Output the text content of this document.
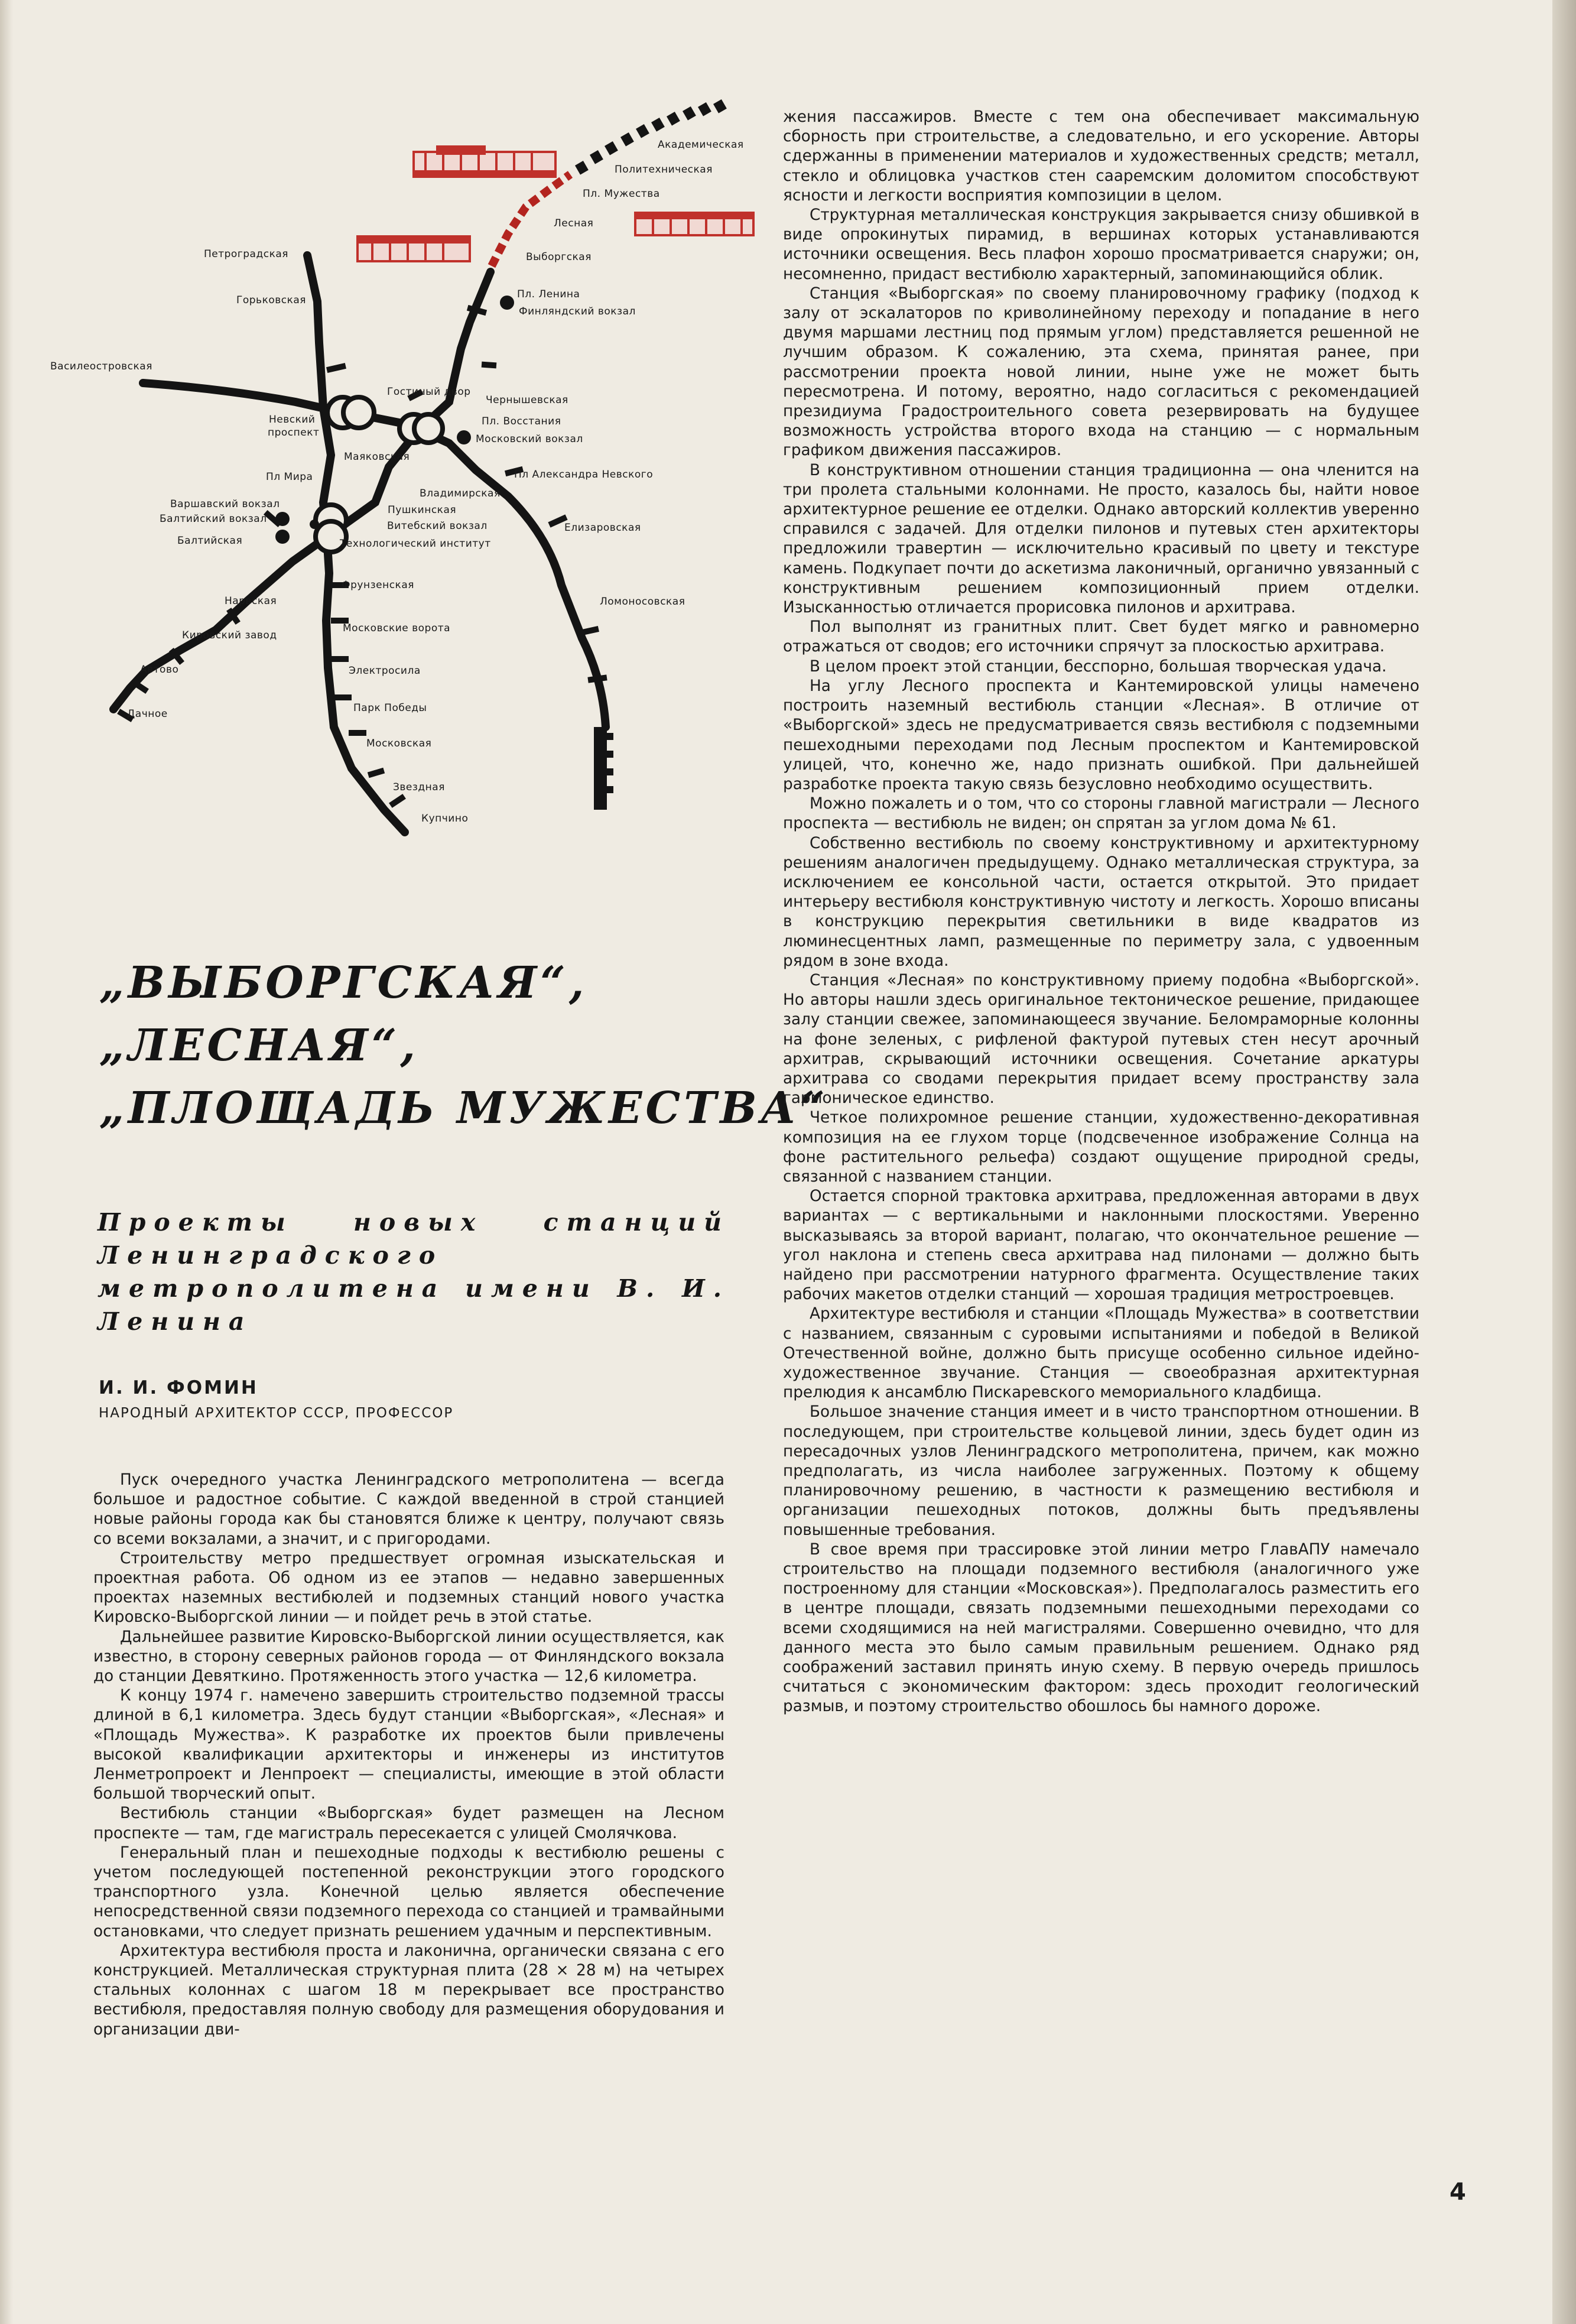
Академическая
Политехническая
Пл. Мужества
Лесная
Выборгская
Пл. Ленина
Финляндский вокзал
Петроградская
Горьковская
Василеостровская
Гостиный двор
Чернышевская
Невский
проспект
Пл. Восстания
Московский вокзал
Маяковская
Пл Мира	Пл Александра Невского
Варшавский вокзал
Балтийский вокзал
Владимирская
Пушкинская
Витебский вокзал
Технологический институт
Балтийская
Елизаровская
Фрунзенская
Нарвская	Ломоносовская
Кировский завод
Московские ворота
Автово	Электросила
Дачное	Парк Победы
Московская
Звездная
Купчино
„ВЫБОРГСКАЯ“,
„ЛЕСНАЯ“,
„ПЛОЩАДЬ МУЖЕСТВА“
Проекты новых станций Ленинградского метрополитена имени В. И. Ленина
И. И. ФОМИН
НАРОДНЫЙ АРХИТЕКТОР СССР, ПРОФЕССОР

Пуск очередного участка Ленинградского метрополитена — всегда большое и радостное событие. С каждой введенной в строй станцией новые районы города как бы становятся ближе к центру, получают связь со всеми вокзалами, а значит, и с пригородами.

Строительству метро предшествует огромная изыскательская и проектная работа. Об одном из ее этапов — недавно завершенных проектах наземных вестибюлей и подземных станций нового участка Кировско-Выборгской линии — и пойдет речь в этой статье.

Дальнейшее развитие Кировско-Выборгской линии осуществляется, как известно, в сторону северных районов города — от Финляндского вокзала до станции Девяткино. Протяженность этого участка — 12,6 километра.

К концу 1974 г. намечено завершить строительство подземной трассы длиной в 6,1 километра. Здесь будут станции «Выборгская», «Лесная» и «Площадь Мужества». К разработке их проектов были привлечены высокой квалификации архитекторы и инженеры из институтов Ленметропроект и Ленпроект — специалисты, имеющие в этой области большой творческий опыт.

Вестибюль станции «Выборгская» будет размещен на Лесном проспекте — там, где магистраль пересекается с улицей Смолячкова.

Генеральный план и пешеходные подходы к вестибюлю решены с учетом последующей постепенной реконструкции этого городского транспортного узла. Конечной целью является обеспечение непосредственной связи подземного перехода со станцией и трамвайными остановками, что следует признать решением удачным и перспективным.

Архитектура вестибюля проста и лаконична, органически связана с его конструкцией. Металлическая структурная плита (28 × 28 м) на четырех стальных колоннах с шагом 18 м перекрывает все пространство вестибюля, предоставляя полную свободу для размещения оборудования и организации дви-

жения пассажиров. Вместе с тем она обеспечивает максимальную сборность при строительстве, а следовательно, и его ускорение. Авторы сдержанны в применении материалов и художественных средств; металл, стекло и облицовка участков стен сааремским доломитом способствуют ясности и легкости восприятия композиции в целом.

Структурная металлическая конструкция закрывается снизу обшивкой в виде опрокинутых пирамид, в вершинах которых устанавливаются источники освещения. Весь плафон хорошо просматривается снаружи; он, несомненно, придаст вестибюлю характерный, запоминающийся облик.

Станция «Выборгская» по своему планировочному графику (подход к залу от эскалаторов по криволинейному переходу и попадание в него двумя маршами лестниц под прямым углом) представляется решенной не лучшим образом. К сожалению, эта схема, принятая ранее, при рассмотрении проекта новой линии, ныне уже не может быть пересмотрена. И потому, вероятно, надо согласиться с рекомендацией президиума Градостроительного совета резервировать на будущее возможность устройства второго входа на станцию — с нормальным графиком движения пассажиров.

В конструктивном отношении станция традиционна — она членится на три пролета стальными колоннами. Не просто, казалось бы, найти новое архитектурное решение ее отделки. Однако авторский коллектив уверенно справился с задачей. Для отделки пилонов и путевых стен архитекторы предложили травертин — исключительно красивый по цвету и текстуре камень. Подкупает почти до аскетизма лаконичный, органично увязанный с конструктивным решением композиционный прием отделки. Изысканностью отличается прорисовка пилонов и архитрава.

Пол выполнят из гранитных плит. Свет будет мягко и равномерно отражаться от сводов; его источники спрячут за плоскостью архитрава.

В целом проект этой станции, бесспорно, большая творческая удача.

На углу Лесного проспекта и Кантемировской улицы намечено построить наземный вестибюль станции «Лесная». В отличие от «Выборгской» здесь не предусматривается связь вестибюля с подземными пешеходными переходами под Лесным проспектом и Кантемировской улицей, что, конечно же, надо признать ошибкой. При дальнейшей разработке проекта такую связь безусловно необходимо осуществить.

Можно пожалеть и о том, что со стороны главной магистрали — Лесного проспекта — вестибюль не виден; он спрятан за углом дома № 61.

Собственно вестибюль по своему конструктивному и архитектурному решениям аналогичен предыдущему. Однако металлическая структура, за исключением ее консольной части, остается открытой. Это придает интерьеру вестибюля конструктивную чистоту и легкость. Хорошо вписаны в конструкцию перекрытия светильники в виде квадратов из люминесцентных ламп, размещенные по периметру зала, с удвоенным рядом в зоне входа.

Станция «Лесная» по конструктивному приему подобна «Выборгской». Но авторы нашли здесь оригинальное тектоническое решение, придающее залу станции свежее, запоминающееся звучание. Беломраморные колонны на фоне зеленых, с рифленой фактурой путевых стен несут арочный архитрав, скрывающий источники освещения. Сочетание аркатуры архитрава со сводами перекрытия придает всему пространству зала гармоническое единство.

Четкое полихромное решение станции, художественно-декоративная композиция на ее глухом торце (подсвеченное изображение Солнца на фоне растительного рельефа) создают ощущение природной среды, связанной с названием станции.

Остается спорной трактовка архитрава, предложенная авторами в двух вариантах — с вертикальными и наклонными плоскостями. Уверенно высказываясь за второй вариант, полагаю, что окончательное решение — угол наклона и степень свеса архитрава над пилонами — должно быть найдено при рассмотрении натурного фрагмента. Осуществление таких рабочих макетов отделки станций — хорошая традиция метростроевцев.

Архитектуре вестибюля и станции «Площадь Мужества» в соответствии с названием, связанным с суровыми испытаниями и победой в Великой Отечественной войне, должно быть присуще особенно сильное идейно-художественное звучание. Станция — своеобразная архитектурная прелюдия к ансамблю Пискаревского мемориального кладбища.

Большое значение станция имеет и в чисто транспортном отношении. В последующем, при строительстве кольцевой линии, здесь будет один из пересадочных узлов Ленинградского метрополитена, причем, как можно предполагать, из числа наиболее загруженных. Поэтому к общему планировочному решению, в частности к размещению вестибюля и организации пешеходных потоков, должны быть предъявлены повышенные требования.

В свое время при трассировке этой линии метро ГлавАПУ намечало строительство на площади подземного вестибюля (аналогичного уже построенному для станции «Московская»). Предполагалось разместить его в центре площади, связать подземными пешеходными переходами со всеми сходящимися на ней магистралями. Совершенно очевидно, что для данного места это было самым правильным решением. Однако ряд соображений заставил принять иную схему. В первую очередь пришлось считаться с экономическим фактором: здесь проходит геологический размыв, и поэтому строительство обошлось бы намного дороже.

4
